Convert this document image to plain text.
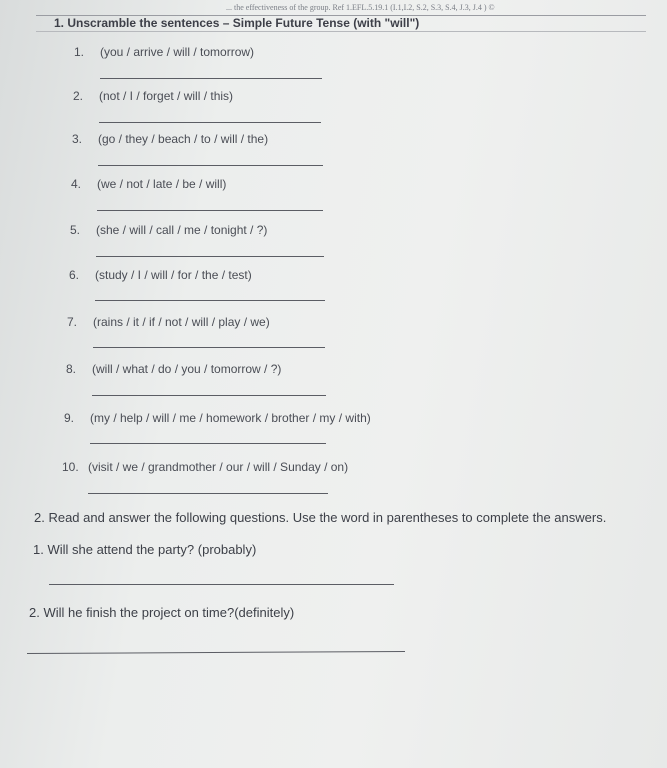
... the effectiveness of the group. Ref 1.EFL.5.19.1 (I.1,I.2, S.2, S.3, S.4, J.3, J.4 ) ©
1. Unscramble the sentences – Simple Future Tense (with "will")
1. (you / arrive / will / tomorrow)
2. (not / I / forget / will / this)
3. (go / they / beach / to / will / the)
4. (we / not / late / be / will)
5. (she / will / call / me / tonight / ?)
6. (study / I / will / for / the / test)
7. (rains / it / if / not / will / play / we)
8. (will / what / do / you / tomorrow / ?)
9. (my / help / will / me / homework / brother / my / with)
10. (visit / we / grandmother / our / will / Sunday / on)
2. Read and answer the following questions. Use the word in parentheses to complete the answers.
1. Will she attend the party? (probably)
2. Will he finish the project on time?(definitely)
